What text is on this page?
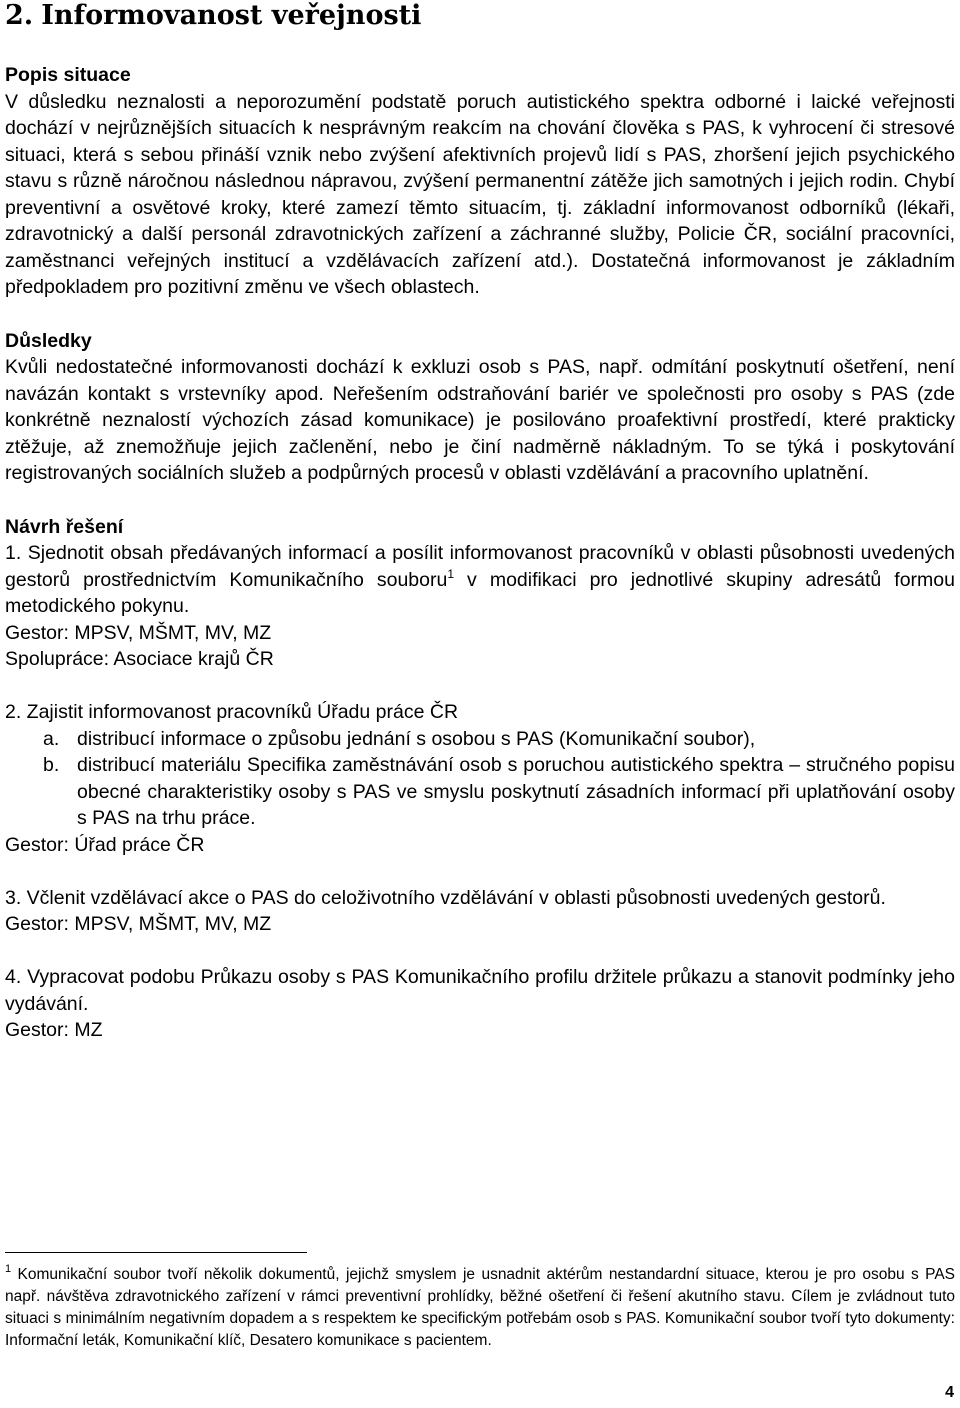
2. Informovanost veřejnosti

Popis situace

V důsledku neznalosti a neporozumění podstatě poruch autistického spektra odborné i laické veřejnosti dochází v nejrůznějších situacích k nesprávným reakcím na chování člověka s PAS, k vyhrocení či stresové situaci, která s sebou přináší vznik nebo zvýšení afektivních projevů lidí s PAS, zhoršení jejich psychického stavu s různě náročnou následnou nápravou, zvýšení permanentní zátěže jich samotných i jejich rodin. Chybí preventivní a osvětové kroky, které zamezí těmto situacím, tj. základní informovanost odborníků (lékaři, zdravotnický a další personál zdravotnických zařízení a záchranné služby, Policie ČR, sociální pracovníci, zaměstnanci veřejných institucí a vzdělávacích zařízení atd.). Dostatečná informovanost je základním předpokladem pro pozitivní změnu ve všech oblastech.

Důsledky

Kvůli nedostatečné informovanosti dochází k exkluzi osob s PAS, např. odmítání poskytnutí ošetření, není navázán kontakt s vrstevníky apod. Neřešením odstraňování bariér ve společnosti pro osoby s PAS (zde konkrétně neznalostí výchozích zásad komunikace) je posilováno proafektivní prostředí, které prakticky ztěžuje, až znemožňuje jejich začlenění, nebo je činí nadměrně nákladným. To se týká i poskytování registrovaných sociálních služeb a podpůrných procesů v oblasti vzdělávání a pracovního uplatnění.

Návrh řešení

1. Sjednotit obsah předávaných informací a posílit informovanost pracovníků v oblasti působnosti uvedených gestorů prostřednictvím Komunikačního souboru$^1$ v modifikaci pro jednotlivé skupiny adresátů formou metodického pokynu.

Gestor: MPSV, MŠMT, MV, MZ

Spolupráce: Asociace krajů ČR

2. Zajistit informovanost pracovníků Úřadu práce ČR

a. distribucí informace o způsobu jednání s osobou s PAS (Komunikační soubor),
b. distribucí materiálu Specifika zaměstnávání osob s poruchou autistického spektra – stručného popisu obecné charakteristiky osoby s PAS ve smyslu poskytnutí zásadních informací při uplatňování osoby s PAS na trhu práce.

Gestor: Úřad práce ČR

3. Včlenit vzdělávací akce o PAS do celoživotního vzdělávání v oblasti působnosti uvedených gestorů.

Gestor: MPSV, MŠMT, MV, MZ

4. Vypracovat podobu Průkazu osoby s PAS Komunikačního profilu držitele průkazu a stanovit podmínky jeho vydávání.

Gestor: MZ

$^1$ Komunikační soubor tvoří několik dokumentů, jejichž smyslem je usnadnit aktérům nestandardní situace, kterou je pro osobu s PAS např. návštěva zdravotnického zařízení v rámci preventivní prohlídky, běžné ošetření či řešení akutního stavu. Cílem je zvládnout tuto situaci s minimálním negativním dopadem a s respektem ke specifickým potřebám osob s PAS. Komunikační soubor tvoří tyto dokumenty: Informační leták, Komunikační klíč, Desatero komunikace s pacientem.

4
